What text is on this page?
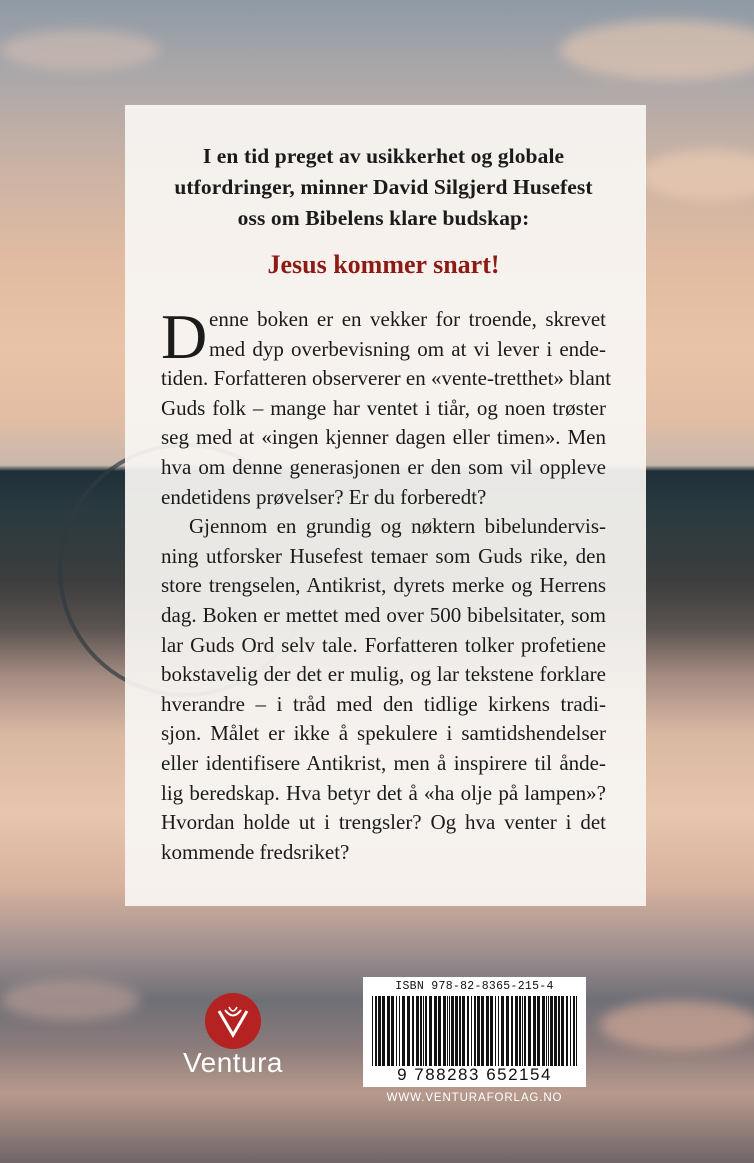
I en tid preget av usikkerhet og globale
utfordringer, minner David Silgjerd Husefest
oss om Bibelens klare budskap:

Jesus kommer snart!

D enne boken er en vekker for troende, skrevet
med dyp overbevisning om at vi lever i ende-
tiden. Forfatteren observerer en «vente-tretthet» blant
Guds folk – mange har ventet i tiår, og noen trøster
seg med at «ingen kjenner dagen eller timen». Men
hva om denne generasjonen er den som vil oppleve
endetidens prøvelser? Er du forberedt?
Gjennom en grundig og nøktern bibelundervis-
ning utforsker Husefest temaer som Guds rike, den
store trengselen, Antikrist, dyrets merke og Herrens
dag. Boken er mettet med over 500 bibelsitater, som
lar Guds Ord selv tale. Forfatteren tolker profetiene
bokstavelig der det er mulig, og lar tekstene forklare
hverandre – i tråd med den tidlige kirkens tradi-
sjon. Målet er ikke å spekulere i samtidshendelser
eller identifisere Antikrist, men å inspirere til ånde-
lig beredskap. Hva betyr det å «ha olje på lampen»?
Hvordan holde ut i trengsler? Og hva venter i det
kommende fredsriket?
Ventura
ISBN 978-82-8365-215-4
9 788283 652154
WWW.VENTURAFORLAG.NO
